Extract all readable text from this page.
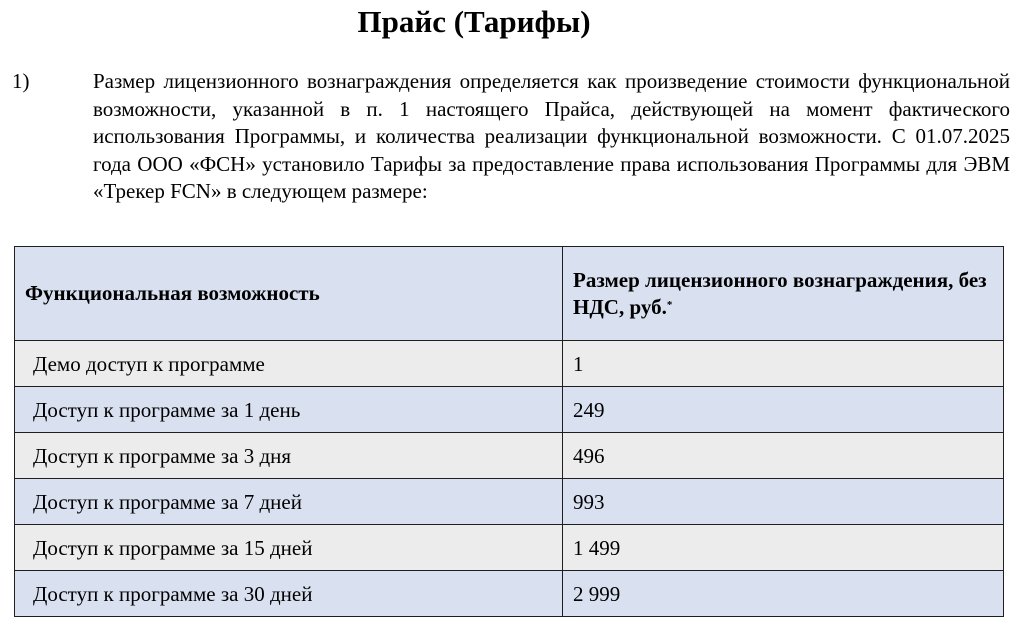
Прайс (Тарифы)
1)	Размер лицензионного вознаграждения определяется как произведение стоимости функциональной возможности, указанной в п. 1 настоящего Прайса, действующей на момент фактического использования Программы, и количества реализации функциональной возможности. С 01.07.2025 года ООО «ФСН» установило Тарифы за предоставление права использования Программы для ЭВМ «Трекер FCN» в следующем размере:

Функциональная возможность	Размер лицензионного вознаграждения, без НДС, руб.*
Демо доступ к программе	1
Доступ к программе за 1 день	249
Доступ к программе за 3 дня	496
Доступ к программе за 7 дней	993
Доступ к программе за 15 дней	1 499
Доступ к программе за 30 дней	2 999
